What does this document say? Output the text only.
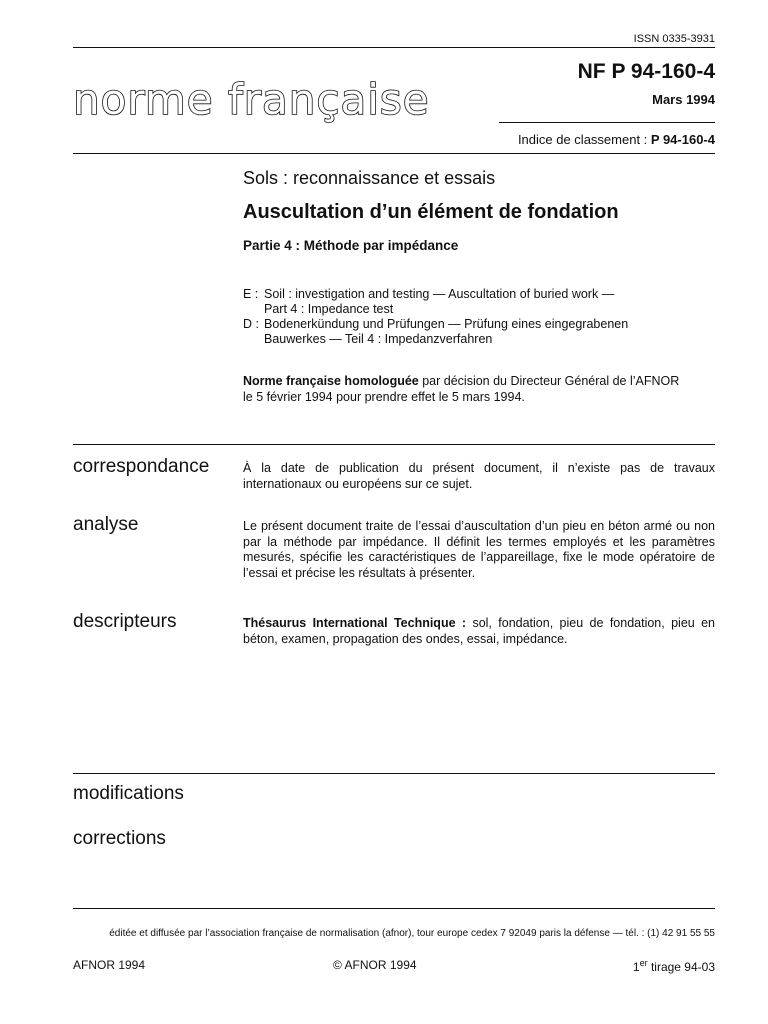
ISSN 0335-3931
norme française
NF P 94-160-4
Mars 1994
Indice de classement : P 94-160-4
Sols : reconnaissance et essais
Auscultation d’un élément de fondation
Partie 4 : Méthode par impédance
E : Soil : investigation and testing — Auscultation of buried work —
Part 4 : Impedance test
D : Bodenerkündung und Prüfungen — Prüfung eines eingegrabenen
Bauwerkes — Teil 4 : Impedanzverfahren
Norme française homologuée par décision du Directeur Général de l’AFNOR
le 5 février 1994 pour prendre effet le 5 mars 1994.
correspondance	À la date de publication du présent document, il n’existe pas de travaux internationaux ou européens sur ce sujet.
analyse	Le présent document traite de l’essai d’auscultation d’un pieu en béton armé ou non par la méthode par impédance. Il définit les termes employés et les paramètres mesurés, spécifie les caractéristiques de l’appareillage, fixe le mode opératoire de l’essai et précise les résultats à présenter.
descripteurs	Thésaurus International Technique : sol, fondation, pieu de fondation, pieu en béton, examen, propagation des ondes, essai, impédance.
modifications
corrections
éditée et diffusée par l’association française de normalisation (afnor), tour europe cedex 7 92049 paris la défense — tél. : (1) 42 91 55 55
AFNOR 1994	© AFNOR 1994	1er tirage 94-03
